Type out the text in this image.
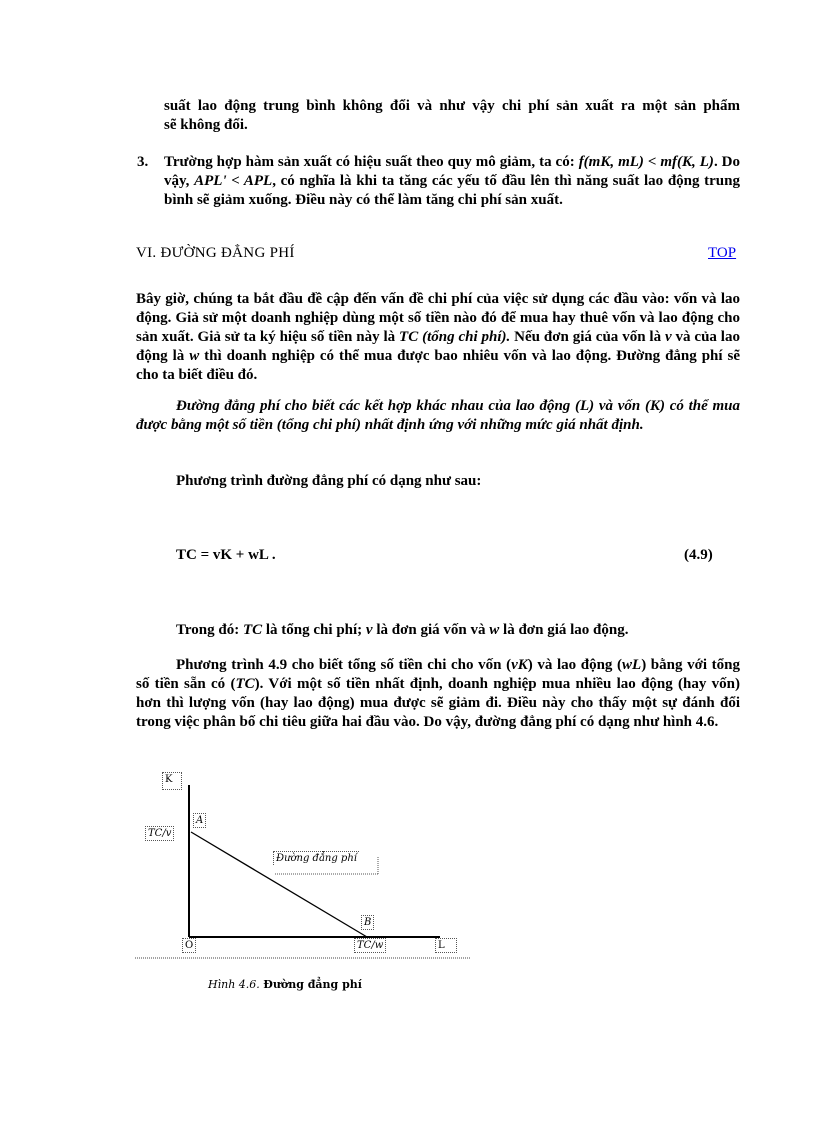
suất lao động trung bình không đổi và như vậy chi phí sản xuất ra một sản phẩm
sẽ không đổi.
3. Trường hợp hàm sản xuất có hiệu suất theo quy mô giảm, ta có: f(mK, mL) < mf(K, L). Do vậy, APL' < APL, có nghĩa là khi ta tăng các yếu tố đầu lên thì năng suất lao động trung bình sẽ giảm xuống. Điều này có thể làm tăng chi phí sản xuất.
VI. ĐƯỜNG ĐẲNG PHÍ	TOP
Bây giờ, chúng ta bắt đầu đề cập đến vấn đề chi phí của việc sử dụng các đầu vào: vốn và lao động. Giả sử một doanh nghiệp dùng một số tiền nào đó để mua hay thuê vốn và lao động cho sản xuất. Giả sử ta ký hiệu số tiền này là TC (tổng chi phí). Nếu đơn giá của vốn là v và của lao động là w thì doanh nghiệp có thể mua được bao nhiêu vốn và lao động. Đường đẳng phí sẽ cho ta biết điều đó.
Đường đẳng phí cho biết các kết hợp khác nhau của lao động (L) và vốn (K) có thể mua được bằng một số tiền (tổng chi phí) nhất định ứng với những mức giá nhất định.
Phương trình đường đẳng phí có dạng như sau:
TC = vK + wL .	(4.9)
Trong đó: TC là tổng chi phí; v là đơn giá vốn và w là đơn giá lao động.
Phương trình 4.9 cho biết tổng số tiền chi cho vốn (vK) và lao động (wL) bằng với tổng số tiền sẵn có (TC). Với một số tiền nhất định, doanh nghiệp mua nhiều lao động (hay vốn) hơn thì lượng vốn (hay lao động) mua được sẽ giảm đi. Điều này cho thấy một sự đánh đổi trong việc phân bố chi tiêu giữa hai đầu vào. Do vậy, đường đẳng phí có dạng như hình 4.6.
K
A
TC/v
Đường đẳng phí
B
O	TC/w	L
Hình 4.6. Đường đẳng phí
